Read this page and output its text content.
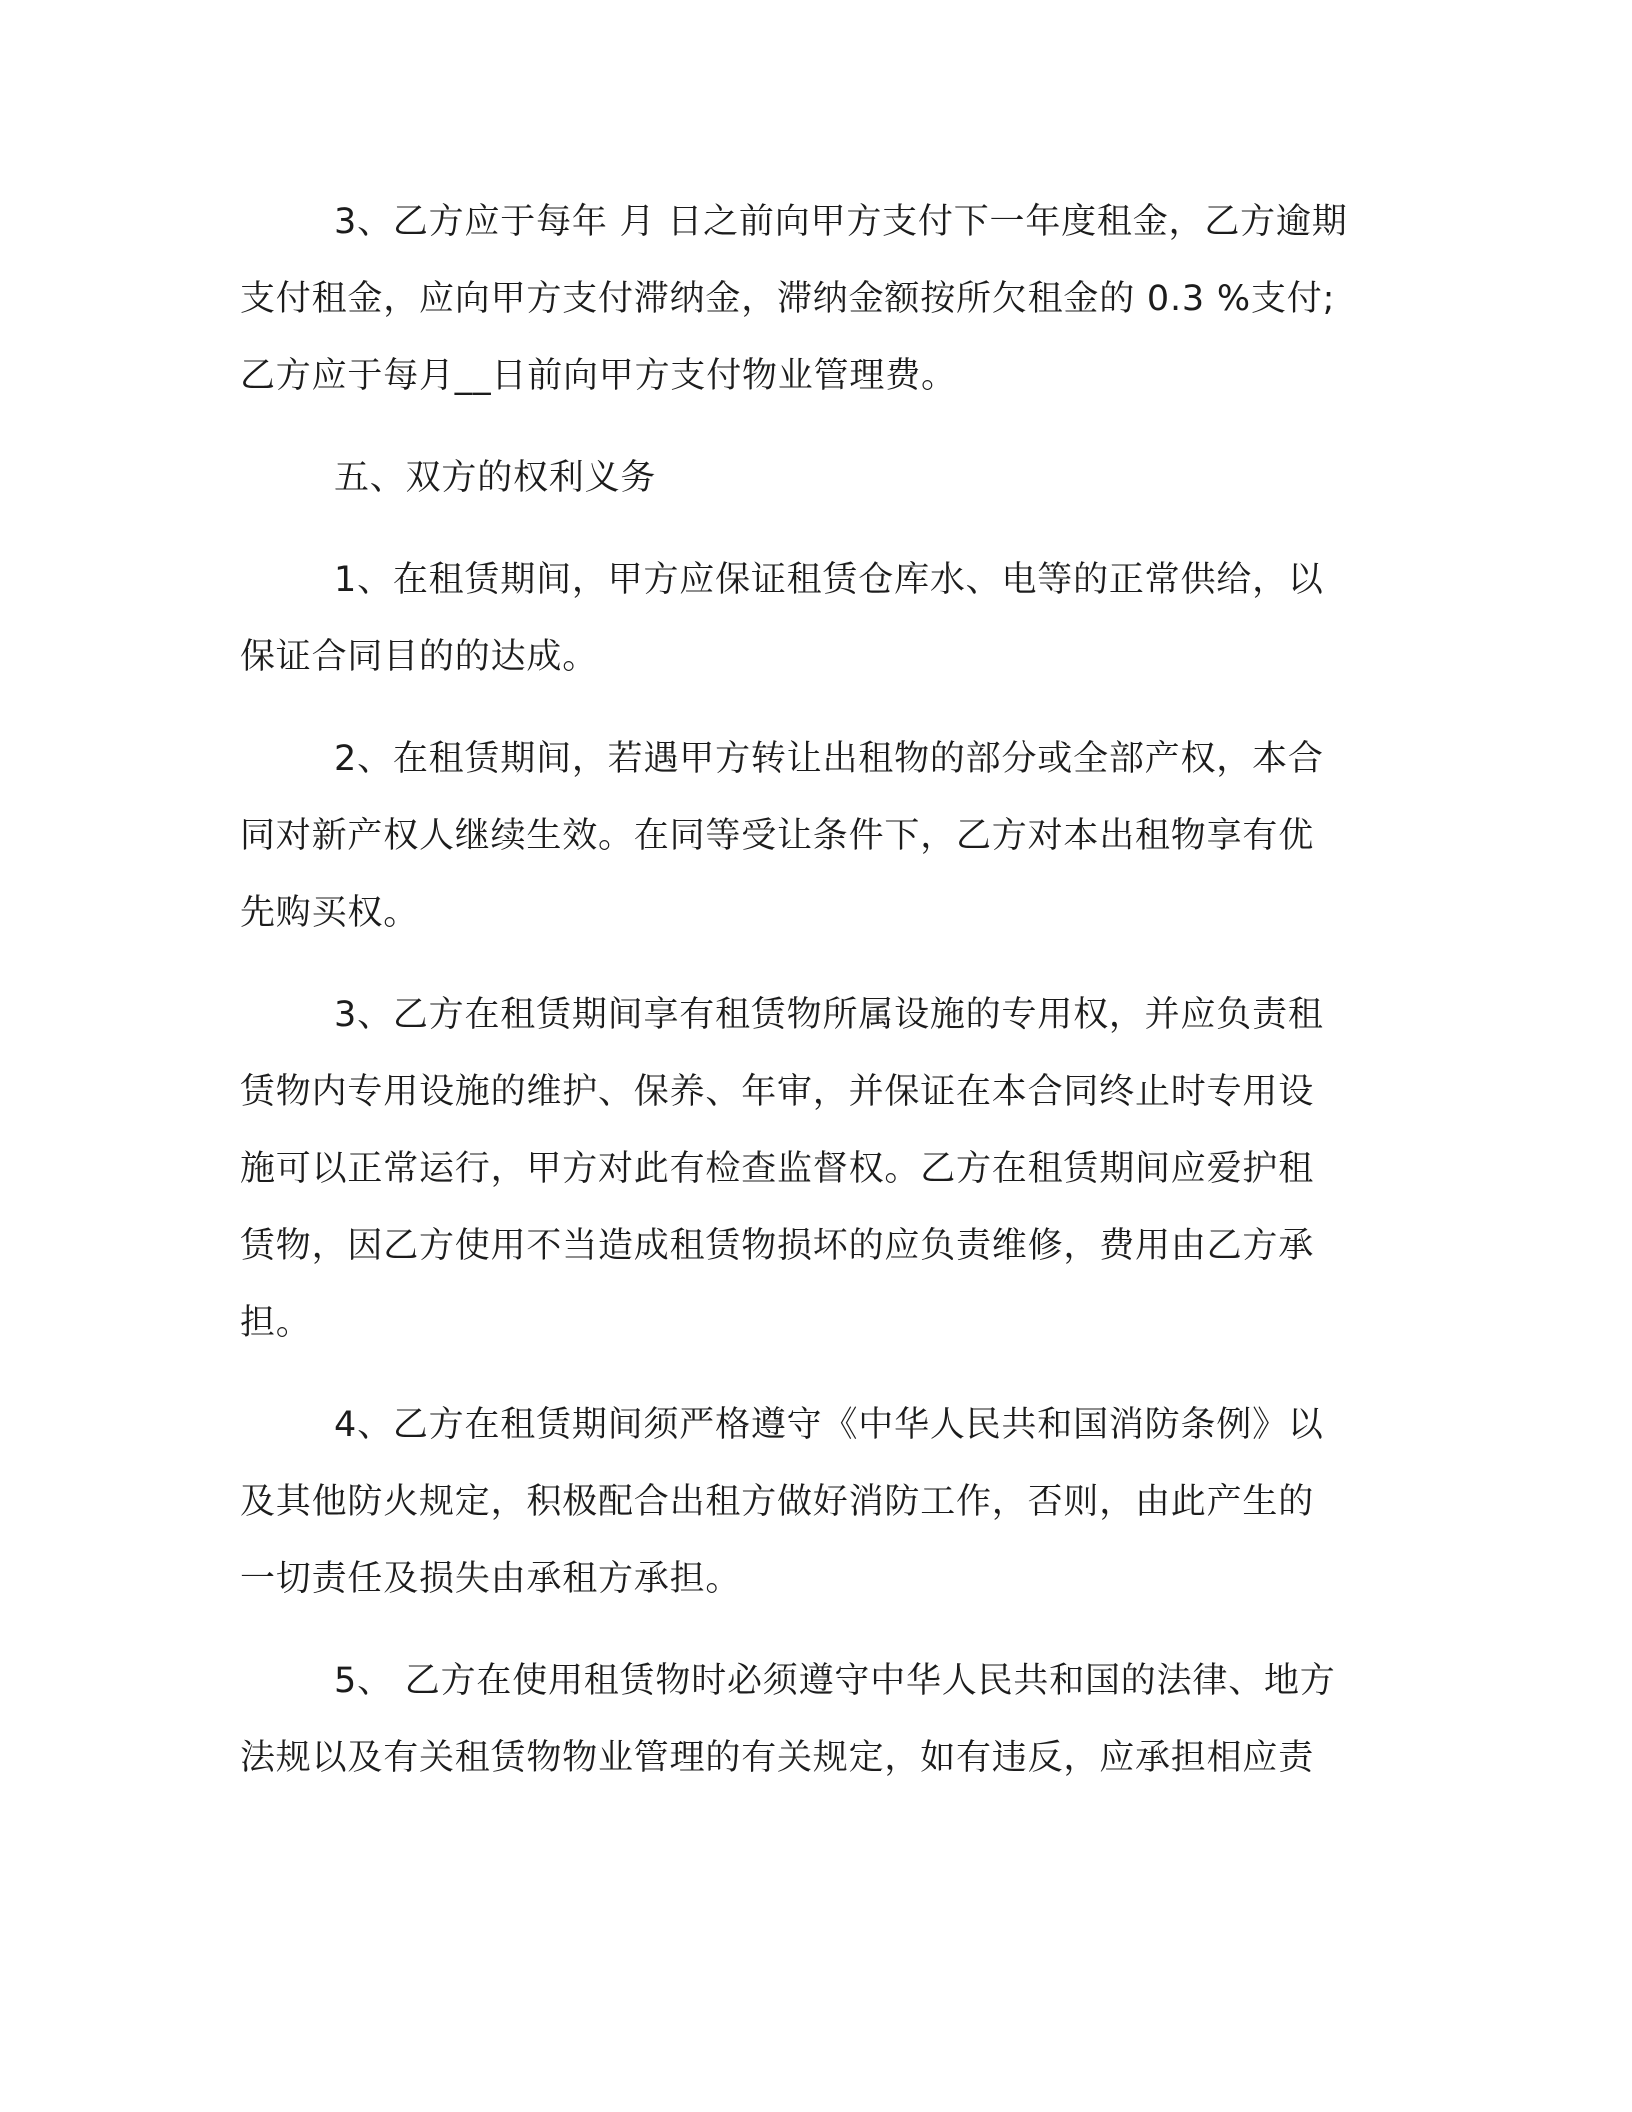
3、乙方应于每年 月 日之前向甲方支付下一年度租金，乙方逾期
支付租金，应向甲方支付滞纳金，滞纳金额按所欠租金的 0.3 %支付;
乙方应于每月__日前向甲方支付物业管理费。

五、双方的权利义务

1、在租赁期间，甲方应保证租赁仓库水、电等的正常供给，以
保证合同目的的达成。

2、在租赁期间，若遇甲方转让出租物的部分或全部产权，本合
同对新产权人继续生效。在同等受让条件下，乙方对本出租物享有优
先购买权。

3、乙方在租赁期间享有租赁物所属设施的专用权，并应负责租
赁物内专用设施的维护、保养、年审，并保证在本合同终止时专用设
施可以正常运行，甲方对此有检查监督权。乙方在租赁期间应爱护租
赁物，因乙方使用不当造成租赁物损坏的应负责维修，费用由乙方承
担。

4、乙方在租赁期间须严格遵守《中华人民共和国消防条例》以
及其他防火规定，积极配合出租方做好消防工作，否则，由此产生的
一切责任及损失由承租方承担。

5、 乙方在使用租赁物时必须遵守中华人民共和国的法律、地方
法规以及有关租赁物物业管理的有关规定，如有违反，应承担相应责
